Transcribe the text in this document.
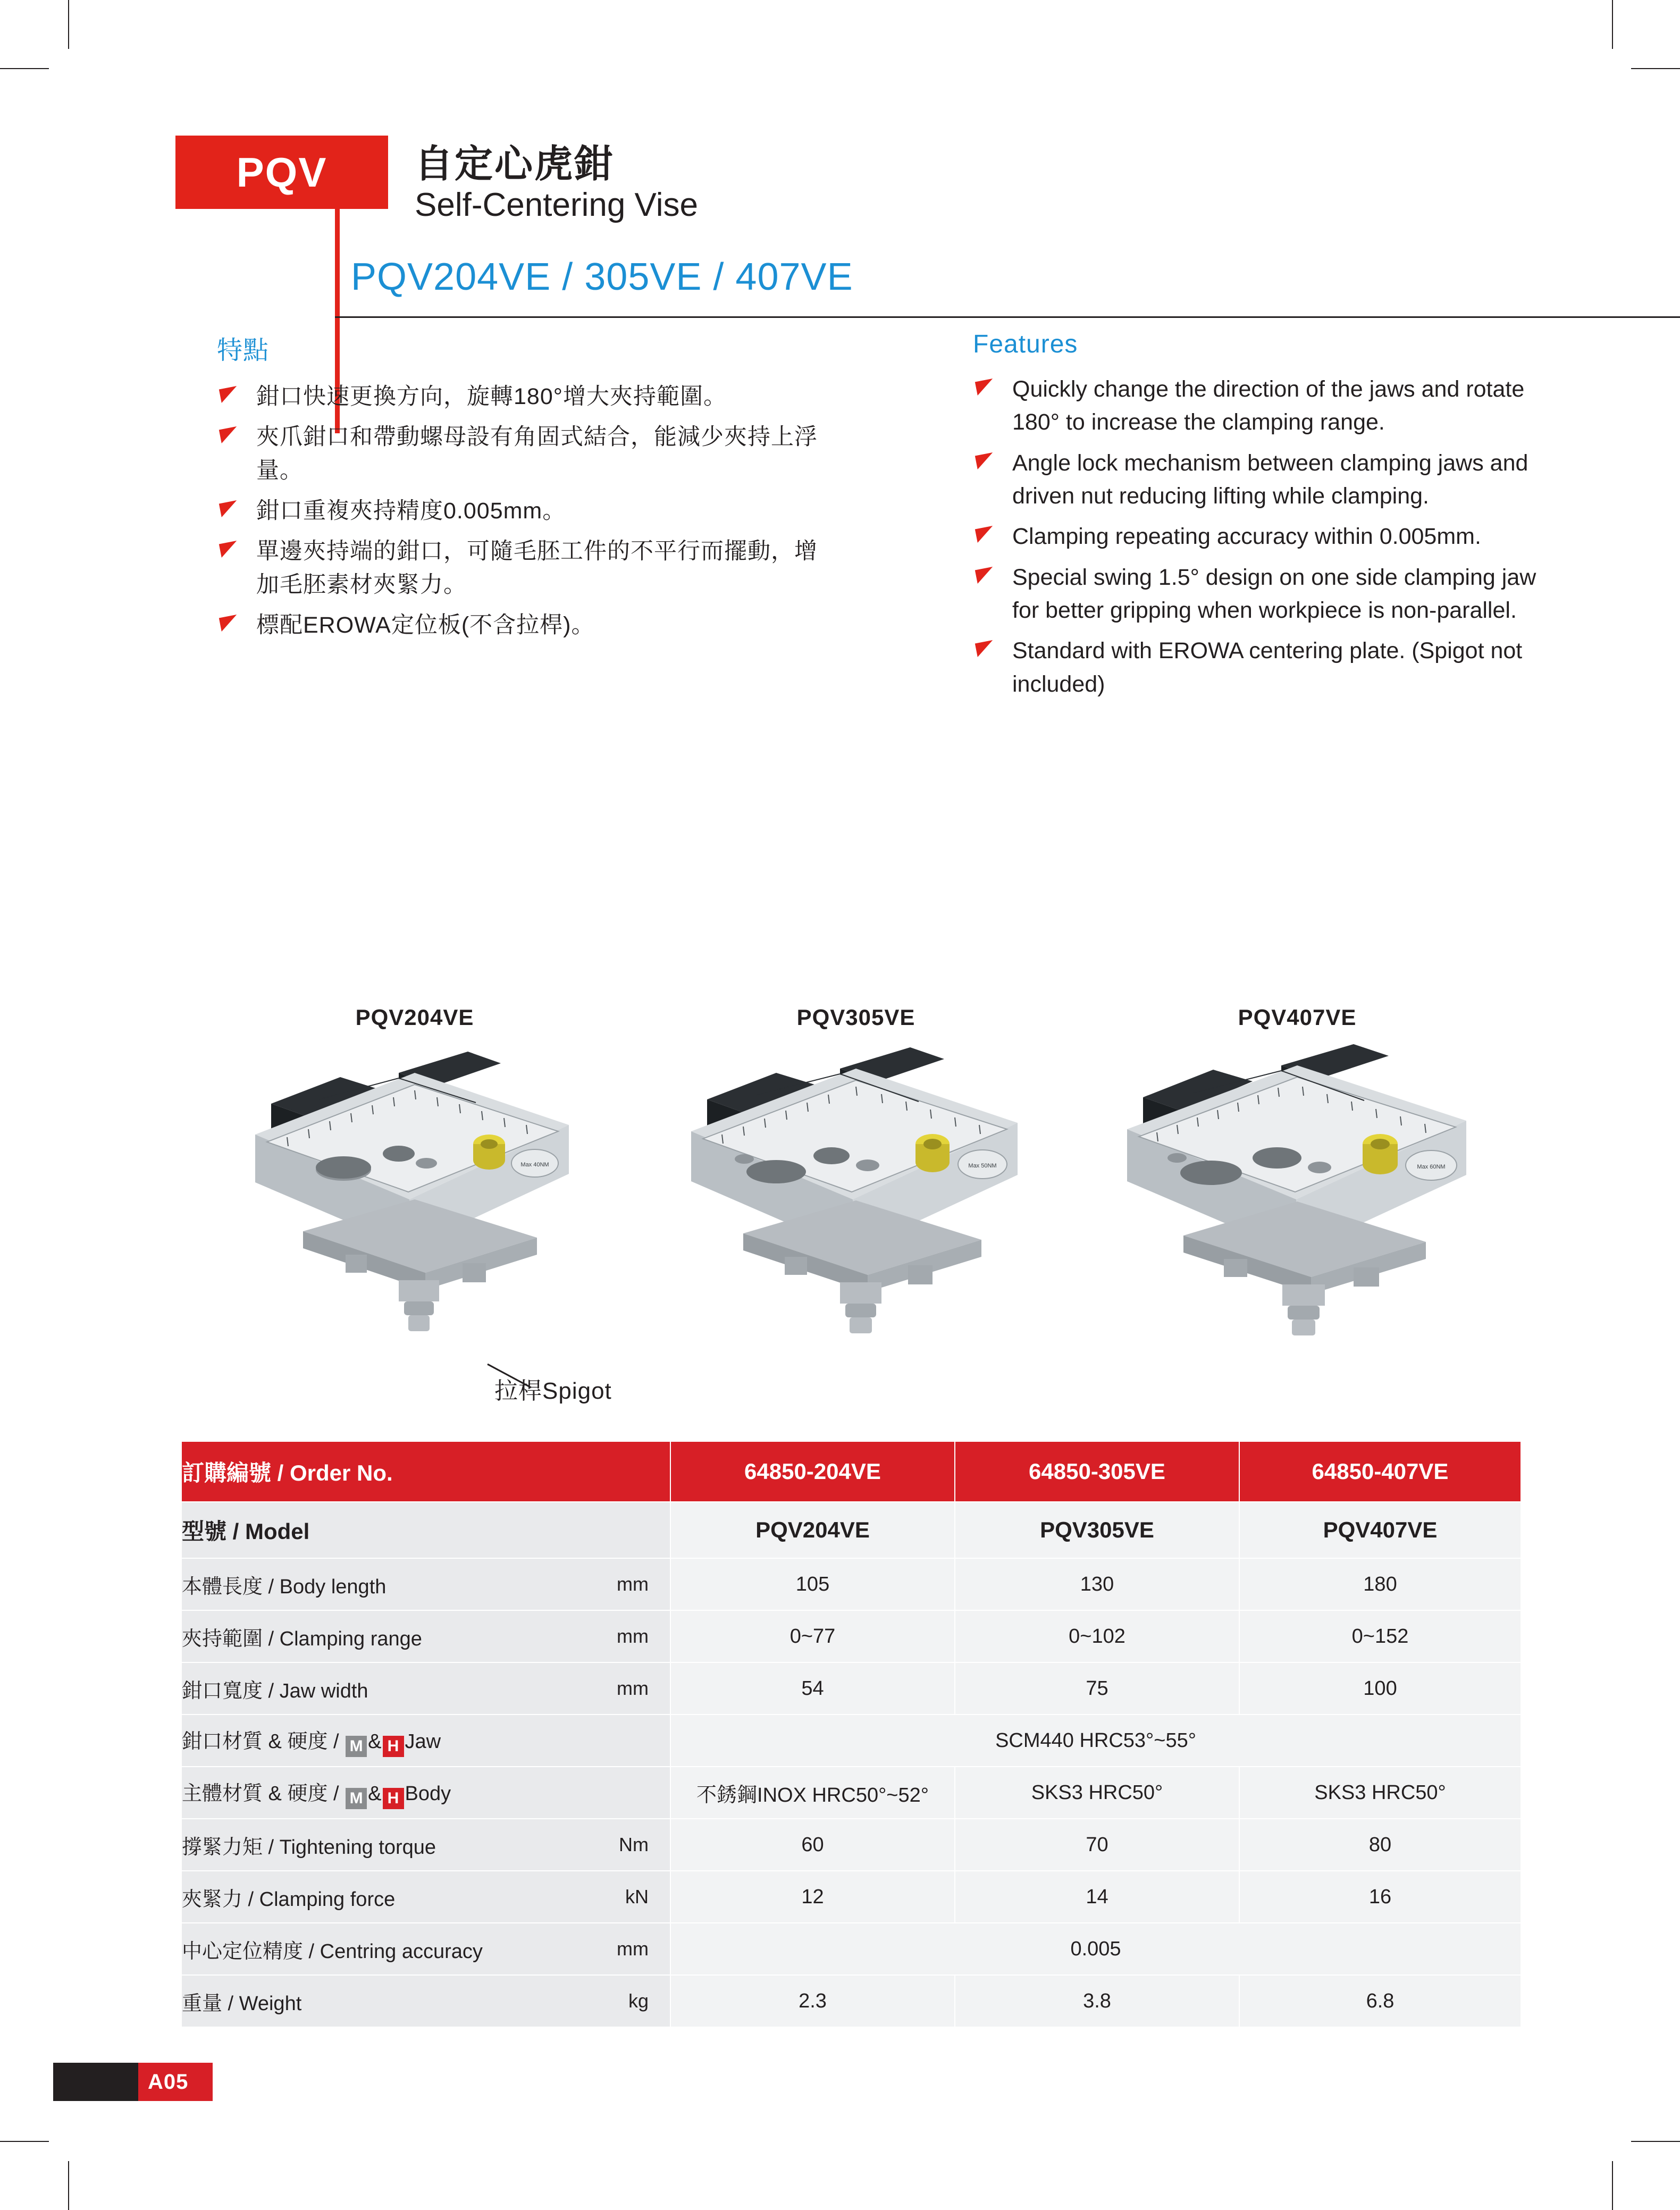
PQV	自定心虎鉗
Self-Centering Vise
PQV204VE / 305VE / 407VE
特點
鉗口快速更換方向，旋轉180°增大夾持範圍。
夾爪鉗口和帶動螺母設有角固式結合，能減少夾持上浮量。
鉗口重複夾持精度0.005mm。
單邊夾持端的鉗口，可隨毛胚工件的不平行而擺動，增加毛胚素材夾緊力。
標配EROWA定位板(不含拉桿)。
Features
Quickly change the direction of the jaws and rotate 180° to increase the clamping range.
Angle lock mechanism between clamping jaws and driven nut reducing lifting while clamping.
Clamping repeating accuracy within 0.005mm.
Special swing 1.5° design on one side clamping jaw for better gripping when workpiece is non-parallel.
Standard with EROWA centering plate. (Spigot not included)
PQV204VE
Max 40NM
PQV305VE
Max 50NM
PQV407VE
Max 60NM
拉桿Spigot
訂購編號 / Order No.	64850-204VE	64850-305VE	64850-407VE
型號 / Model	PQV204VE	PQV305VE	PQV407VE
本體長度 / Body length mm	105	130	180
夾持範圍 / Clamping range mm	0~77	0~102	0~152
鉗口寬度 / Jaw width mm	54	75	100
鉗口材質 & 硬度 / M & H Jaw	SCM440 HRC53°~55°		
主體材質 & 硬度 / M & H Body	不銹鋼INOX HRC50°~52°	SKS3 HRC50°	SKS3 HRC50°
撐緊力矩 / Tightening torque Nm	60	70	80
夾緊力 / Clamping force kN	12	14	16
中心定位精度 / Centring accuracy mm	0.005		
重量 / Weight kg	2.3	3.8	6.8
A05
